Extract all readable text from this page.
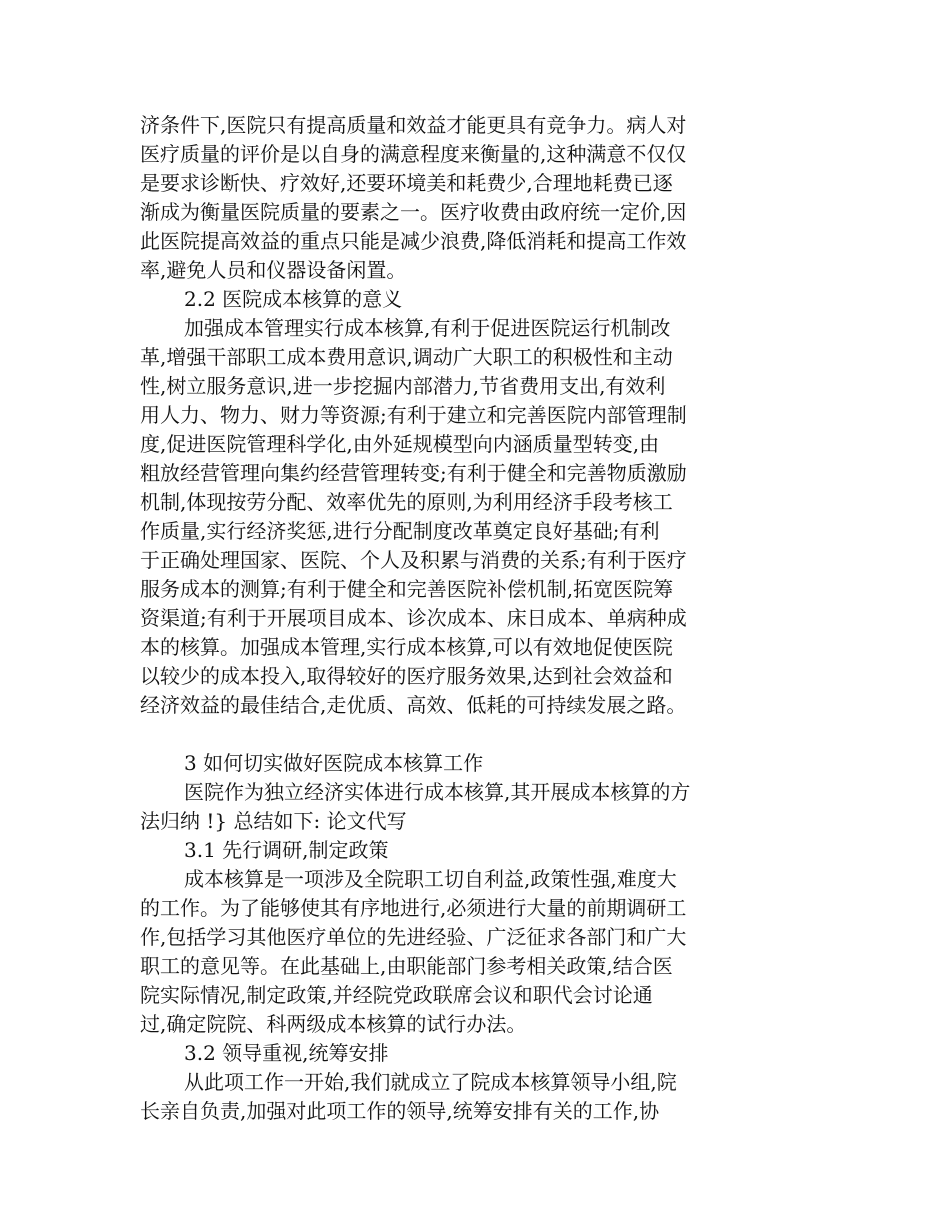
济条件下,医院只有提高质量和效益才能更具有竞争力。病人对
医疗质量的评价是以自身的满意程度来衡量的,这种满意不仅仅
是要求诊断快、疗效好,还要环境美和耗费少,合理地耗费已逐
渐成为衡量医院质量的要素之一。医疗收费由政府统一定价,因
此医院提高效益的重点只能是减少浪费,降低消耗和提高工作效
率,避免人员和仪器设备闲置。
2.2 医院成本核算的意义
加强成本管理实行成本核算,有利于促进医院运行机制改
革,增强干部职工成本费用意识,调动广大职工的积极性和主动
性,树立服务意识,进一步挖掘内部潜力,节省费用支出,有效利
用人力、物力、财力等资源;有利于建立和完善医院内部管理制
度,促进医院管理科学化,由外延规模型向内涵质量型转变,由
粗放经营管理向集约经营管理转变;有利于健全和完善物质激励
机制,体现按劳分配、效率优先的原则,为利用经济手段考核工
作质量,实行经济奖惩,进行分配制度改革奠定良好基础;有利
于正确处理国家、医院、个人及积累与消费的关系;有利于医疗
服务成本的测算;有利于健全和完善医院补偿机制,拓宽医院筹
资渠道;有利于开展项目成本、诊次成本、床日成本、单病种成
本的核算。加强成本管理,实行成本核算,可以有效地促使医院
以较少的成本投入,取得较好的医疗服务效果,达到社会效益和
经济效益的最佳结合,走优质、高效、低耗的可持续发展之路。
3 如何切实做好医院成本核算工作
医院作为独立经济实体进行成本核算,其开展成本核算的方
法归纳 !} 总结如下: 论文代写
3.1 先行调研,制定政策
成本核算是一项涉及全院职工切自利益,政策性强,难度大
的工作。为了能够使其有序地进行,必须进行大量的前期调研工
作,包括学习其他医疗单位的先进经验、广泛征求各部门和广大
职工的意见等。在此基础上,由职能部门参考相关政策,结合医
院实际情况,制定政策,并经院党政联席会议和职代会讨论通
过,确定院院、科两级成本核算的试行办法。
3.2 领导重视,统筹安排
从此项工作一开始,我们就成立了院成本核算领导小组,院
长亲自负责,加强对此项工作的领导,统筹安排有关的工作,协
